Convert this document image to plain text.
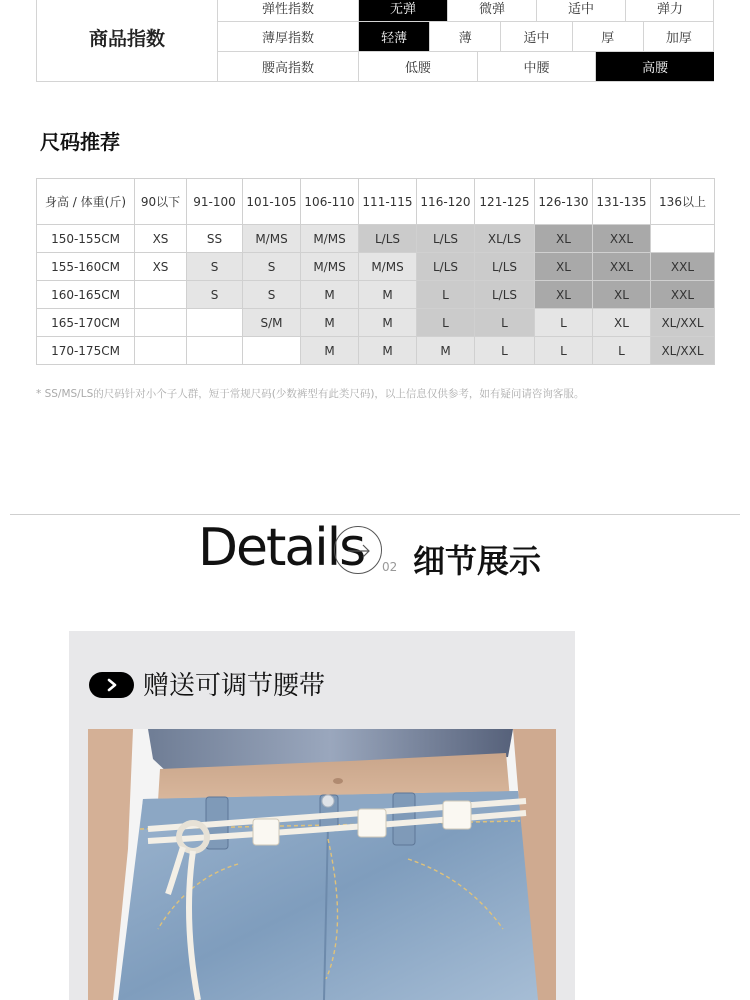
商品指数
弹性指数	无弹	微弹	适中	弹力
薄厚指数	轻薄	薄	适中	厚	加厚
腰高指数	低腰	中腰	高腰
尺码推荐
身高 / 体重(斤)	90以下	91-100	101-105	106-110	111-115	116-120	121-125	126-130	131-135	136以上
150-155CM	XS	SS	M/MS	M/MS	L/LS	L/LS	XL/LS	XL	XXL	
155-160CM	XS	S	S	M/MS	M/MS	L/LS	L/LS	XL	XXL	XXL
160-165CM		S	S	M	M	L	L/LS	XL	XL	XXL
165-170CM			S/M	M	M	L	L	L	XL	XL/XXL
170-175CM				M	M	M	L	L	L	XL/XXL
* SS/MS/LS的尺码针对小个子人群，短于常规尺码(少数裤型有此类尺码)，以上信息仅供参考，如有疑问请咨询客服。
Details 02 细节展示
赠送可调节腰带
